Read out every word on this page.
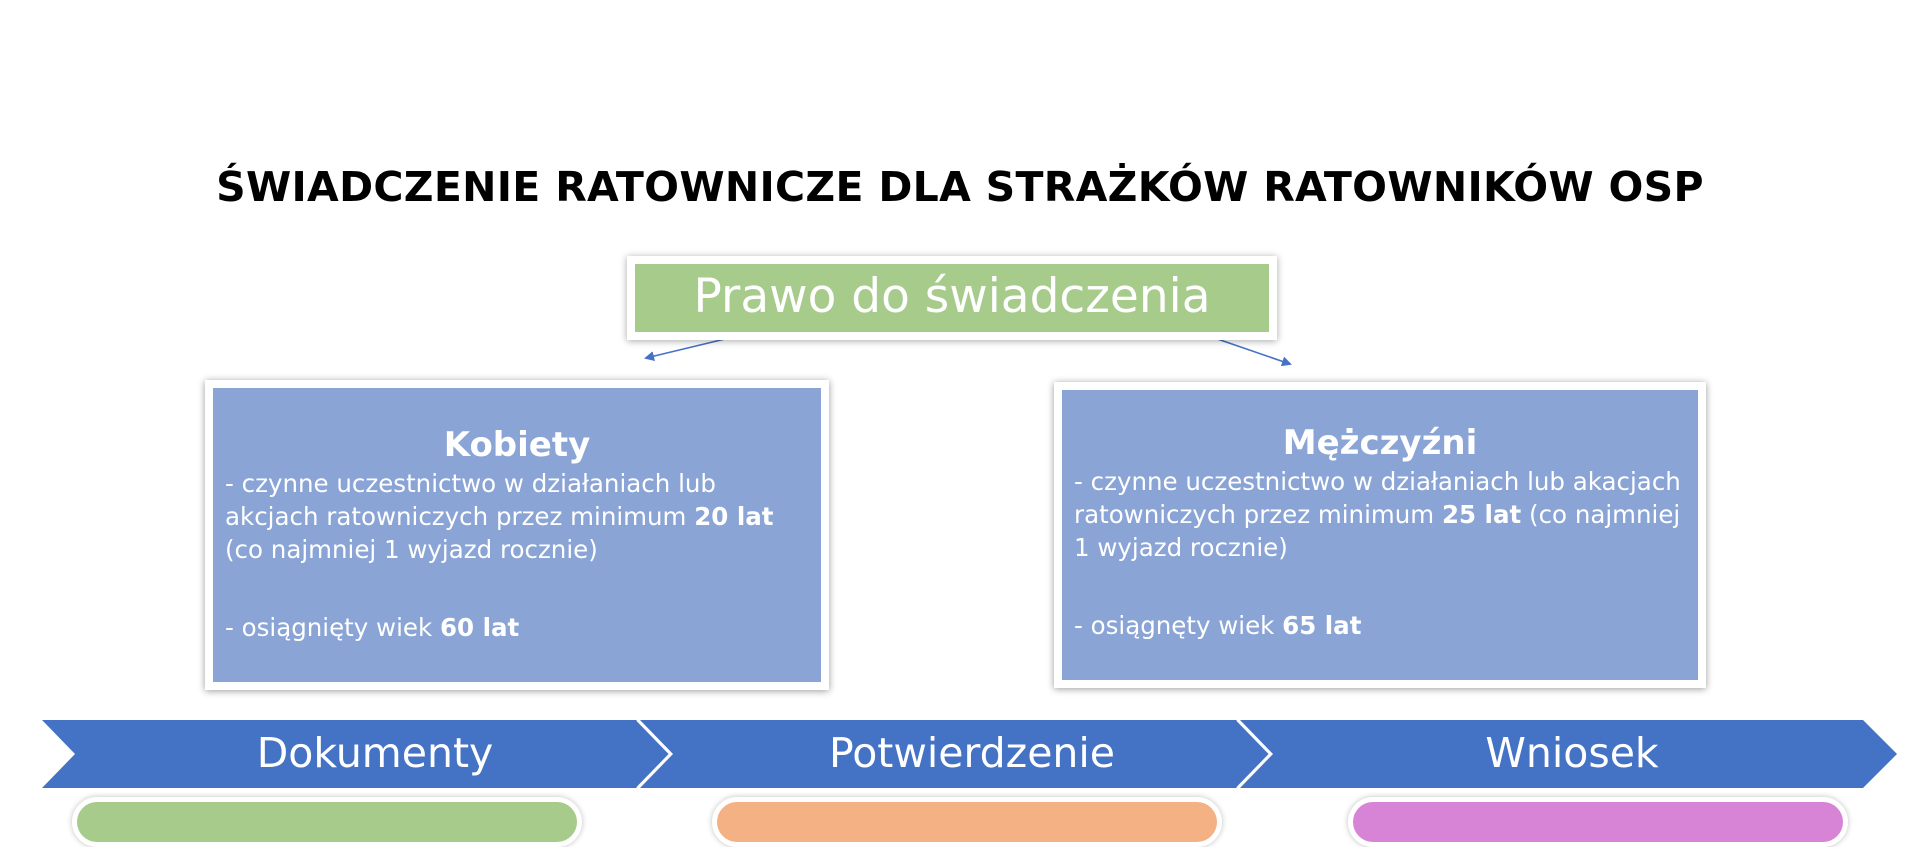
ŚWIADCZENIE RATOWNICZE DLA STRAŻKÓW RATOWNIKÓW OSP
Prawo do świadczenia
Kobiety
- czynne uczestnictwo w działaniach lub akcjach ratowniczych przez minimum 20 lat (co najmniej 1 wyjazd rocznie)
- osiągnięty wiek 60 lat
Mężczyźni
- czynne uczestnictwo w działaniach lub akacjach ratowniczych przez minimum 25 lat (co najmniej 1 wyjazd rocznie)
- osiągnęty wiek 65 lat
Dokumenty	Potwierdzenie	Wniosek
